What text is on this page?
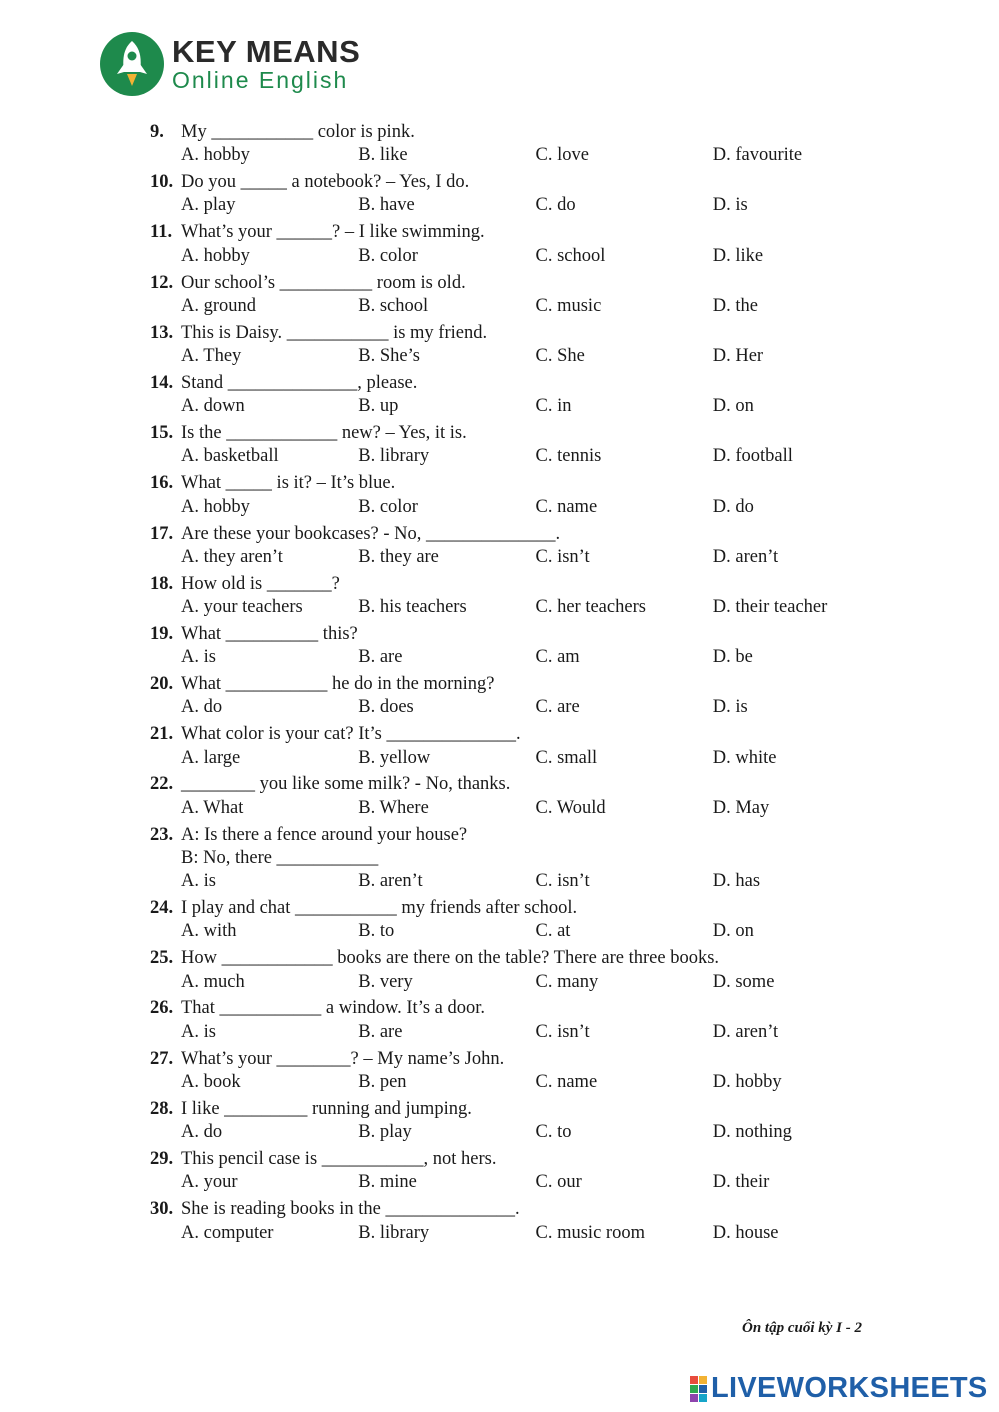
KEY MEANS
Online English
9. My ___________ color is pink.
A. hobby	B. like	C. love	D. favourite
10. Do you _____ a notebook? – Yes, I do.
A. play	B. have	C. do	D. is
11. What’s your ______? – I like swimming.
A. hobby	B. color	C. school	D. like
12. Our school’s __________ room is old.
A. ground	B. school	C. music	D. the
13. This is Daisy. ___________ is my friend.
A. They	B. She’s	C. She	D. Her
14. Stand ______________, please.
A. down	B. up	C. in	D. on
15. Is the ____________ new? – Yes, it is.
A. basketball	B. library	C. tennis	D. football
16. What _____ is it? – It’s blue.
A. hobby	B. color	C. name	D. do
17. Are these your bookcases? - No, ______________.
A. they aren’t	B. they are	C. isn’t	D. aren’t
18. How old is _______?
A. your teachers	B. his teachers	C. her teachers	D. their teacher
19. What __________ this?
A. is	B. are	C. am	D. be
20. What ___________ he do in the morning?
A. do	B. does	C. are	D. is
21. What color is your cat? It’s ______________.
A. large	B. yellow	C. small	D. white
22. ________ you like some milk? - No, thanks.
A. What	B. Where	C. Would	D. May
23. A: Is there a fence around your house?
B: No, there ___________
A. is	B. aren’t	C. isn’t	D. has
24. I play and chat ___________ my friends after school.
A. with	B. to	C. at	D. on
25. How ____________ books are there on the table? There are three books.
A. much	B. very	C. many	D. some
26. That ___________ a window. It’s a door.
A. is	B. are	C. isn’t	D. aren’t
27. What’s your ________? – My name’s John.
A. book	B. pen	C. name	D. hobby
28. I like _________ running and jumping.
A. do	B. play	C. to	D. nothing
29. This pencil case is ___________, not hers.
A. your	B. mine	C. our	D. their
30. She is reading books in the ______________.
A. computer	B. library	C. music room	D. house
Ôn tập cuối kỳ I - 2
LIVEWORKSHEETS
